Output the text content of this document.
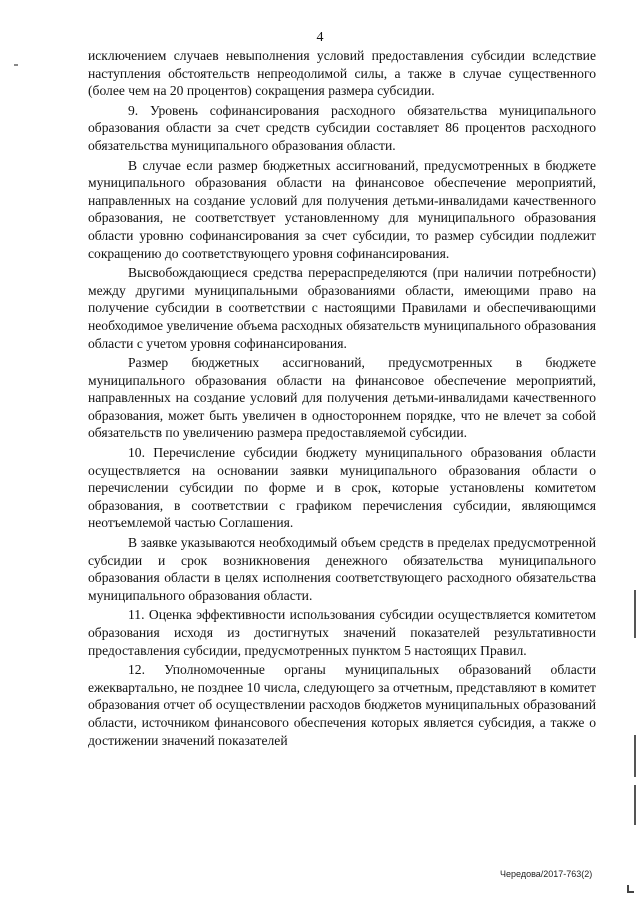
4

исключением случаев невыполнения условий предоставления субсидии вследствие наступления обстоятельств непреодолимой силы, а также в случае существенного (более чем на 20 процентов) сокращения размера субсидии.

9. Уровень софинансирования расходного обязательства муниципального образования области за счет средств субсидии составляет 86 процентов расходного обязательства муниципального образования области.

В случае если размер бюджетных ассигнований, предусмотренных в бюджете муниципального образования области на финансовое обеспечение мероприятий, направленных на создание условий для получения детьми-инвалидами качественного образования, не соответствует установленному для муниципального образования области уровню софинансирования за счет субсидии, то размер субсидии подлежит сокращению до соответствующего уровня софинансирования.

Высвобождающиеся средства перераспределяются (при наличии потребности) между другими муниципальными образованиями области, имеющими право на получение субсидии в соответствии с настоящими Правилами и обеспечивающими необходимое увеличение объема расходных обязательств муниципального образования области с учетом уровня софинансирования.

Размер бюджетных ассигнований, предусмотренных в бюджете муниципального образования области на финансовое обеспечение мероприятий, направленных на создание условий для получения детьми-инвалидами качественного образования, может быть увеличен в одностороннем порядке, что не влечет за собой обязательств по увеличению размера предоставляемой субсидии.

10. Перечисление субсидии бюджету муниципального образования области осуществляется на основании заявки муниципального образования области о перечислении субсидии по форме и в срок, которые установлены комитетом образования, в соответствии с графиком перечисления субсидии, являющимся неотъемлемой частью Соглашения.

В заявке указываются необходимый объем средств в пределах предусмотренной субсидии и срок возникновения денежного обязательства муниципального образования области в целях исполнения соответствующего расходного обязательства муниципального образования области.

11. Оценка эффективности использования субсидии осуществляется комитетом образования исходя из достигнутых значений показателей результативности предоставления субсидии, предусмотренных пунктом 5 настоящих Правил.

12. Уполномоченные органы муниципальных образований области ежеквартально, не позднее 10 числа, следующего за отчетным, представляют в комитет образования отчет об осуществлении расходов бюджетов муниципальных образований области, источником финансового обеспечения которых является субсидия, а также о достижении значений показателей

Чередова/2017-763(2)
